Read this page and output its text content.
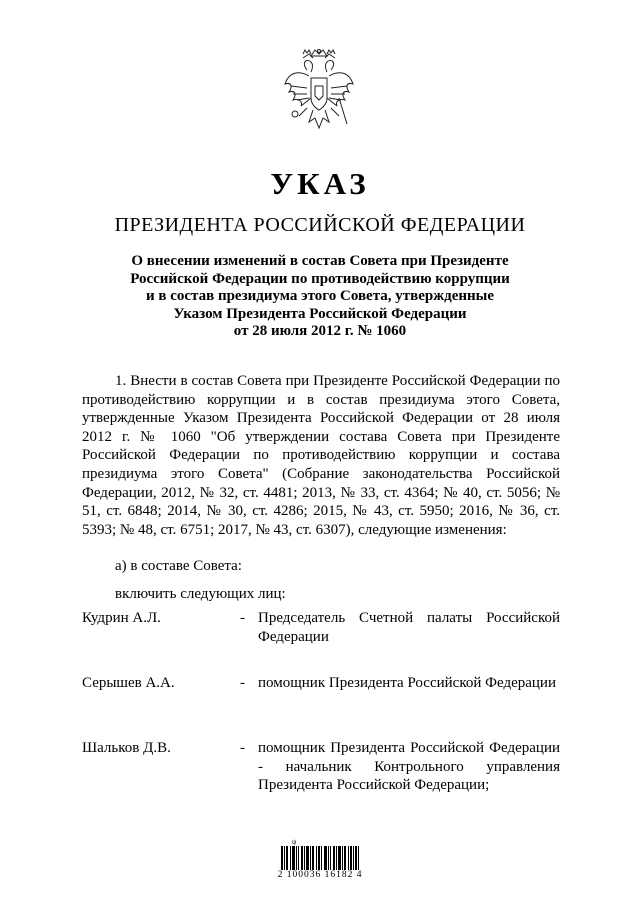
УКАЗ
ПРЕЗИДЕНТА РОССИЙСКОЙ ФЕДЕРАЦИИ
О внесении изменений в состав Совета при Президенте
Российской Федерации по противодействию коррупции
и в состав президиума этого Совета, утвержденные
Указом Президента Российской Федерации
от 28 июля 2012 г. № 1060

1. Внести в состав Совета при Президенте Российской Федерации по противодействию коррупции и в состав президиума этого Совета, утвержденные Указом Президента Российской Федерации от 28 июля 2012 г. № 1060 "Об утверждении состава Совета при Президенте Российской Федерации по противодействию коррупции и состава президиума этого Совета" (Собрание законодательства Российской Федерации, 2012, № 32, ст. 4481; 2013, № 33, ст. 4364; № 40, ст. 5056; № 51, ст. 6848; 2014, № 30, ст. 4286; 2015, № 43, ст. 5950; 2016, № 36, ст. 5393; № 48, ст. 6751; 2017, № 43, ст. 6307), следующие изменения:

а) в составе Совета:
включить следующих лиц:
Кудрин А.Л.	- Председатель Счетной палаты Российской Федерации
Серышев А.А.	- помощник Президента Российской Федерации
Шальков Д.В.	- помощник Президента Российской Федерации - начальник Контрольного управления Президента Российской Федерации;
ψ
2 100036 16182 4
